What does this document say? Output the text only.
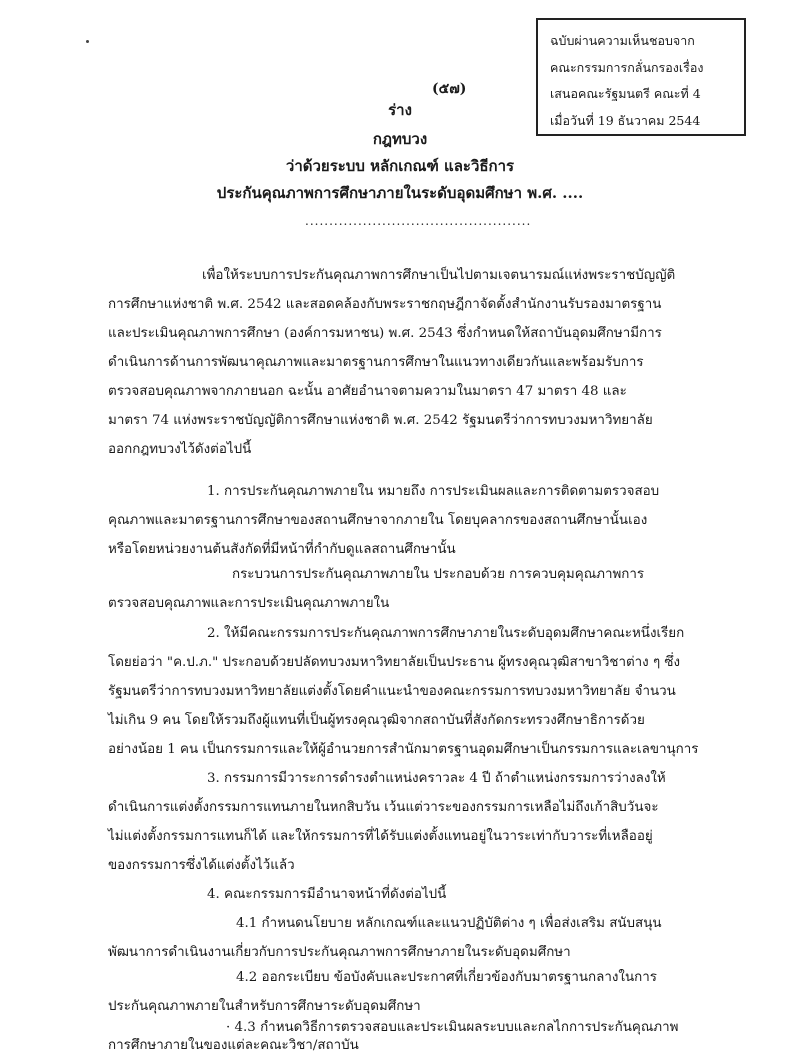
ฉบับผ่านความเห็นชอบจาก
คณะกรรมการกลั่นกรองเรื่อง
เสนอคณะรัฐมนตรี คณะที่ 4
เมื่อวันที่ 19 ธันวาคม 2544
(๕๗)
ร่าง
กฎทบวง
ว่าด้วยระบบ หลักเกณฑ์ และวิธีการ
ประกันคุณภาพการศึกษาภายในระดับอุดมศึกษา พ.ศ. ....
...............................................
เพื่อให้ระบบการประกันคุณภาพการศึกษาเป็นไปตามเจตนารมณ์แห่งพระราชบัญญัติ
การศึกษาแห่งชาติ พ.ศ. 2542 และสอดคล้องกับพระราชกฤษฎีกาจัดตั้งสำนักงานรับรองมาตรฐาน
และประเมินคุณภาพการศึกษา (องค์การมหาชน) พ.ศ. 2543 ซึ่งกำหนดให้สถาบันอุดมศึกษามีการ
ดำเนินการด้านการพัฒนาคุณภาพและมาตรฐานการศึกษาในแนวทางเดียวกันและพร้อมรับการ
ตรวจสอบคุณภาพจากภายนอก ฉะนั้น อาศัยอำนาจตามความในมาตรา 47 มาตรา 48 และ
มาตรา 74 แห่งพระราชบัญญัติการศึกษาแห่งชาติ พ.ศ. 2542 รัฐมนตรีว่าการทบวงมหาวิทยาลัย
ออกกฎทบวงไว้ดังต่อไปนี้
1. การประกันคุณภาพภายใน หมายถึง การประเมินผลและการติดตามตรวจสอบ
คุณภาพและมาตรฐานการศึกษาของสถานศึกษาจากภายใน โดยบุคลากรของสถานศึกษานั้นเอง
หรือโดยหน่วยงานต้นสังกัดที่มีหน้าที่กำกับดูแลสถานศึกษานั้น
กระบวนการประกันคุณภาพภายใน ประกอบด้วย การควบคุมคุณภาพการ
ตรวจสอบคุณภาพและการประเมินคุณภาพภายใน
2. ให้มีคณะกรรมการประกันคุณภาพการศึกษาภายในระดับอุดมศึกษาคณะหนึ่งเรียก
โดยย่อว่า "ค.ป.ภ." ประกอบด้วยปลัดทบวงมหาวิทยาลัยเป็นประธาน ผู้ทรงคุณวุฒิสาขาวิชาต่าง ๆ ซึ่ง
รัฐมนตรีว่าการทบวงมหาวิทยาลัยแต่งตั้งโดยคำแนะนำของคณะกรรมการทบวงมหาวิทยาลัย จำนวน
ไม่เกิน 9 คน โดยให้รวมถึงผู้แทนที่เป็นผู้ทรงคุณวุฒิจากสถาบันที่สังกัดกระทรวงศึกษาธิการด้วย
อย่างน้อย 1 คน เป็นกรรมการและให้ผู้อำนวยการสำนักมาตรฐานอุดมศึกษาเป็นกรรมการและเลขานุการ
3. กรรมการมีวาระการดำรงตำแหน่งคราวละ 4 ปี ถ้าตำแหน่งกรรมการว่างลงให้
ดำเนินการแต่งตั้งกรรมการแทนภายในหกสิบวัน เว้นแต่วาระของกรรมการเหลือไม่ถึงเก้าสิบวันจะ
ไม่แต่งตั้งกรรมการแทนก็ได้ และให้กรรมการที่ได้รับแต่งตั้งแทนอยู่ในวาระเท่ากับวาระที่เหลืออยู่
ของกรรมการซึ่งได้แต่งตั้งไว้แล้ว
4. คณะกรรมการมีอำนาจหน้าที่ดังต่อไปนี้
4.1 กำหนดนโยบาย หลักเกณฑ์และแนวปฏิบัติต่าง ๆ เพื่อส่งเสริม สนับสนุน
พัฒนาการดำเนินงานเกี่ยวกับการประกันคุณภาพการศึกษาภายในระดับอุดมศึกษา
4.2 ออกระเบียบ ข้อบังคับและประกาศที่เกี่ยวข้องกับมาตรฐานกลางในการ
ประกันคุณภาพภายในสำหรับการศึกษาระดับอุดมศึกษา
· 4.3 กำหนดวิธีการตรวจสอบและประเมินผลระบบและกลไกการประกันคุณภาพ
การศึกษาภายในของแต่ละคณะวิชา/สถาบัน
